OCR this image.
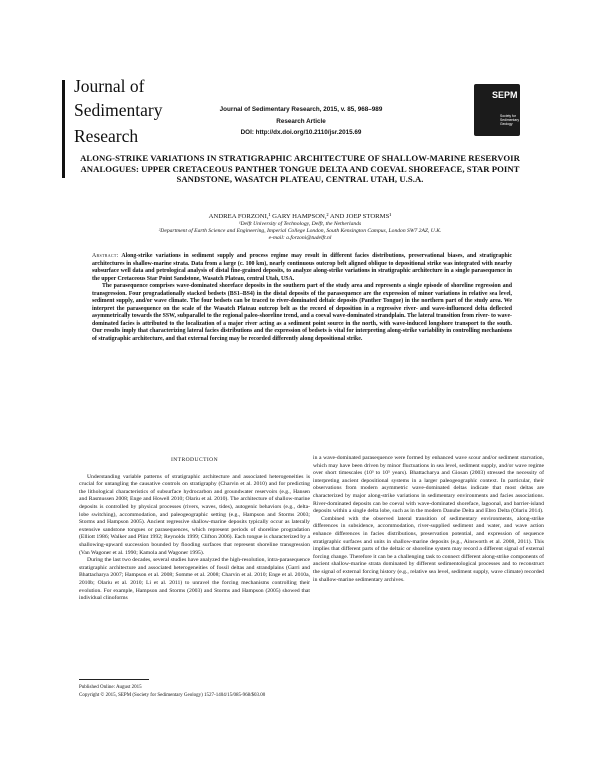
Journal of
Sedimentary
Research
Journal of Sedimentary Research, 2015, v. 85, 968–989
Research Article
DOI: http://dx.doi.org/10.2110/jsr.2015.69
SEPM
Society for Sedimentary Geology
ALONG-STRIKE VARIATIONS IN STRATIGRAPHIC ARCHITECTURE OF SHALLOW-MARINE RESERVOIR ANALOGUES: UPPER CRETACEOUS PANTHER TONGUE DELTA AND COEVAL SHOREFACE, STAR POINT SANDSTONE, WASATCH PLATEAU, CENTRAL UTAH, U.S.A.
ANDREA FORZONI,¹ GARY HAMPSON,² AND JOEP STORMS¹
¹Delft University of Technology, Delft, the Netherlands
²Department of Earth Science and Engineering, Imperial College London, South Kensington Campus, London SW7 2AZ, U.K.
e-mail: a.forzoni@tudelft.nl

Abstract: Along-strike variations in sediment supply and process regime may result in different facies distributions, preservational biases, and stratigraphic architectures in shallow-marine strata. Data from a large (c. 100 km), nearly continuous outcrop belt aligned oblique to depositional strike was integrated with nearby subsurface well data and petrological analysis of distal fine-grained deposits, to analyze along-strike variations in stratigraphic architecture in a single parasequence in the upper Cretaceous Star Point Sandstone, Wasatch Plateau, central Utah, USA.

The parasequence comprises wave-dominated shoreface deposits in the southern part of the study area and represents a single episode of shoreline regression and transgression. Four progradationally stacked bedsets (BS1–BS4) in the distal deposits of the parasequence are the expression of minor variations in relative sea level, sediment supply, and/or wave climate. The four bedsets can be traced to river-dominated deltaic deposits (Panther Tongue) in the northern part of the study area. We interpret the parasequence on the scale of the Wasatch Plateau outcrop belt as the record of deposition in a regressive river- and wave-influenced delta deflected asymmetrically towards the SSW, subparallel to the regional paleo-shoreline trend, and a coeval wave-dominated strandplain. The lateral transition from river- to wave-dominated facies is attributed to the localization of a major river acting as a sediment point source in the north, with wave-induced longshore transport to the south. Our results imply that characterizing lateral facies distributions and the expression of bedsets is vital for interpreting along-strike variability in controlling mechanisms of stratigraphic architecture, and that external forcing may be recorded differently along depositional strike.

INTRODUCTION

Understanding variable patterns of stratigraphic architecture and associated heterogeneities is crucial for untangling the causative controls on stratigraphy (Charvin et al. 2010) and for predicting the lithological characteristics of subsurface hydrocarbon and groundwater reservoirs (e.g., Hansen and Rasmussen 2008; Enge and Howell 2010; Olariu et al. 2010). The architecture of shallow-marine deposits is controlled by physical processes (rivers, waves, tides), autogenic behaviors (e.g., delta-lobe switching), accommodation, and paleogeographic setting (e.g., Hampson and Storms 2003; Storms and Hampson 2005). Ancient regressive shallow-marine deposits typically occur as laterally extensive sandstone tongues or parasequences, which represent periods of shoreline progradation (Elliott 1986; Walker and Plint 1992; Reynolds 1999; Clifton 2006). Each tongue is characterized by a shallowing-upward succession bounded by flooding surfaces that represent shoreline transgression (Van Wagoner et al. 1990; Kamola and Wagoner 1995).

During the last two decades, several studies have analyzed the high-resolution, intra-parasequence stratigraphic architecture and associated heterogeneities of fossil deltas and strandplains (Garri and Bhattacharya 2007; Hampson et al. 2008; Somme et al. 2008; Charvin et al. 2010; Enge et al. 2010a, 2010b; Olariu et al. 2010; Li et al. 2011) to unravel the forcing mechanisms controlling their evolution. For example, Hampson and Storms (2003) and Storms and Hampson (2005) showed that individual clinoforms

in a wave-dominated parasequence were formed by enhanced wave scour and/or sediment starvation, which may have been driven by minor fluctuations in sea level, sediment supply, and/or wave regime over short timescales (10³ to 10⁵ years). Bhattacharya and Giosan (2003) stressed the necessity of interpreting ancient depositional systems in a larger paleogeographic context. In particular, their observations from modern asymmetric wave-dominated deltas indicate that most deltas are characterized by major along-strike variations in sedimentary environments and facies associations. River-dominated deposits can be coeval with wave-dominated shoreface, lagoonal, and barrier-island deposits within a single delta lobe, such as in the modern Danube Delta and Ebro Delta (Olariu 2014).

Combined with the observed lateral transition of sedimentary environments, along-strike differences in subsidence, accommodation, river-supplied sediment and water, and wave action enhance differences in facies distributions, preservation potential, and expression of sequence stratigraphic surfaces and units in shallow-marine deposits (e.g., Ainsworth et al. 2008, 2011). This implies that different parts of the deltaic or shoreline system may record a different signal of external forcing change. Therefore it can be a challenging task to connect different along-strike components of ancient shallow-marine strata dominated by different sedimentological processes and to reconstruct the signal of external forcing history (e.g., relative sea level, sediment supply, wave climate) recorded in shallow-marine sedimentary archives.

Published Online: August 2015
Copyright © 2015, SEPM (Society for Sedimentary Geology) 1527-1404/15/085-968/$03.00
